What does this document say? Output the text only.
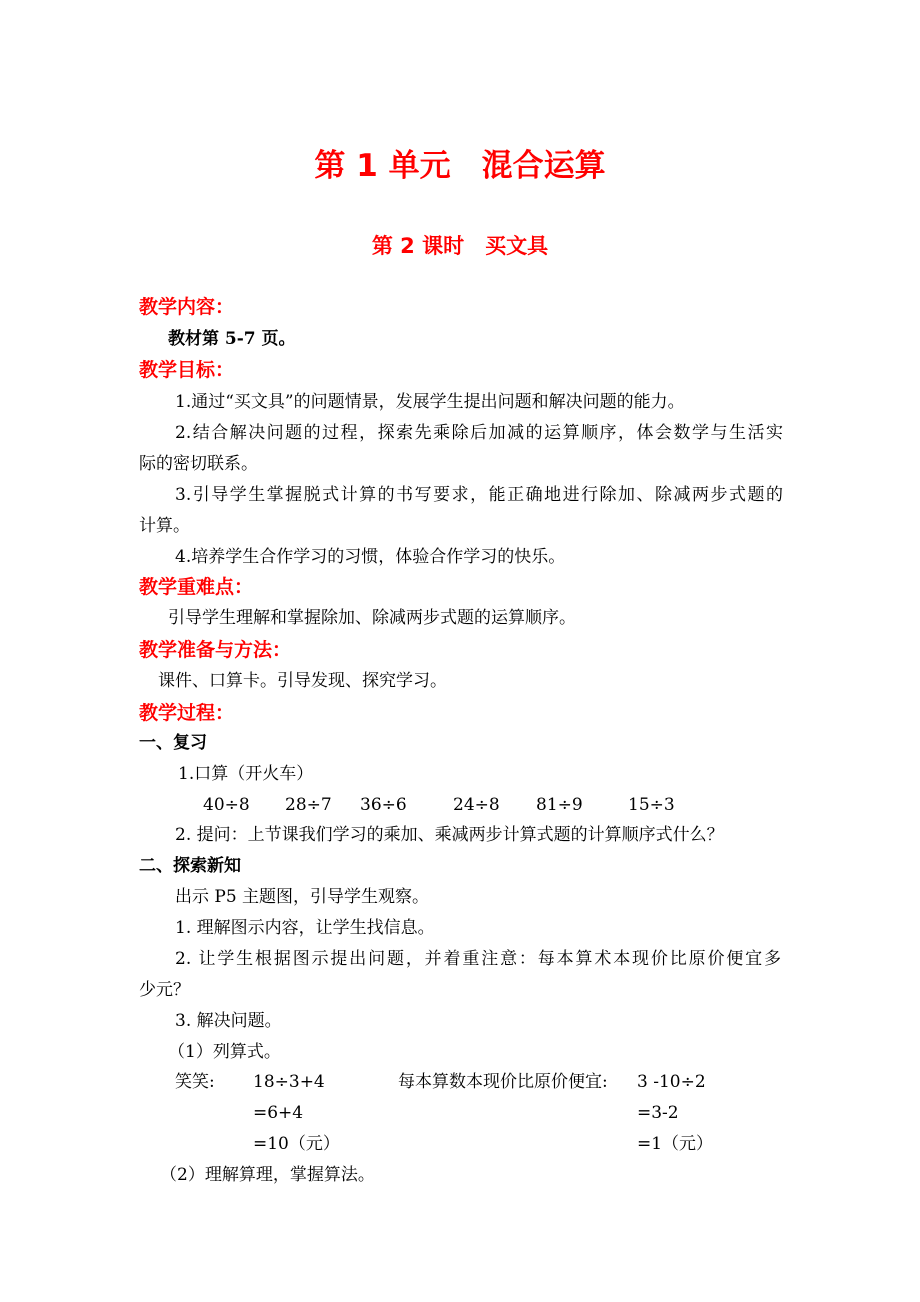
第 1 单元　混合运算
第 2 课时　买文具
教学内容：
教材第 5-7 页。
教学目标：
1.通过“买文具”的问题情景，发展学生提出问题和解决问题的能力。
2.结合解决问题的过程，探索先乘除后加减的运算顺序，体会数学与生活实
际的密切联系。
3.引导学生掌握脱式计算的书写要求，能正确地进行除加、除减两步式题的
计算。
4.培养学生合作学习的习惯，体验合作学习的快乐。
教学重难点：
引导学生理解和掌握除加、除减两步式题的运算顺序。
教学准备与方法：
课件、口算卡。引导发现、探究学习。
教学过程：
一、复习
1.口算（开火车）
40÷8 28÷7 36÷6	24÷8 81÷9	15÷3
2. 提问：上节课我们学习的乘加、乘减两步计算式题的计算顺序式什么？
二、探索新知
出示 P5 主题图，引导学生观察。
1. 理解图示内容，让学生找信息。
2. 让学生根据图示提出问题，并着重注意：每本算术本现价比原价便宜多
少元？
3. 解决问题。
（1）列算式。
笑笑: 18÷3+4
=6+4
=10（元）
每本算数本现价比原价便宜: 3 -10÷2
=3-2
=1（元）
（2）理解算理，掌握算法。
